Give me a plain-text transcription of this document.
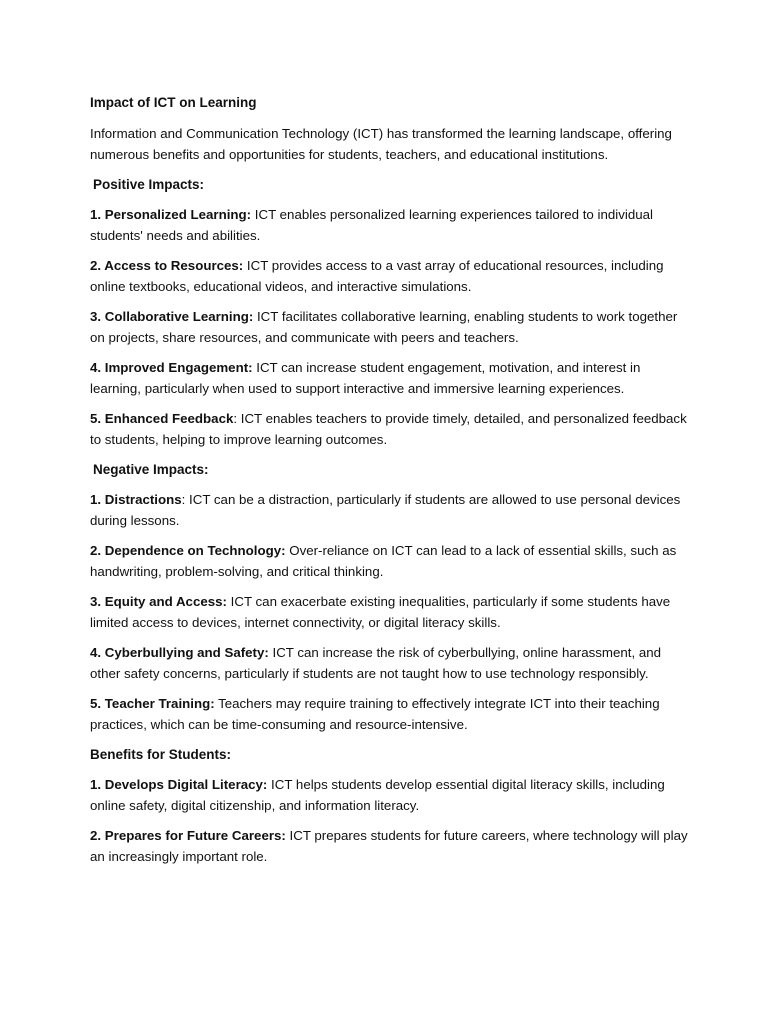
Impact of ICT on Learning

Information and Communication Technology (ICT) has transformed the learning landscape, offering numerous benefits and opportunities for students, teachers, and educational institutions.

Positive Impacts:

1. Personalized Learning: ICT enables personalized learning experiences tailored to individual students' needs and abilities.

2. Access to Resources: ICT provides access to a vast array of educational resources, including online textbooks, educational videos, and interactive simulations.

3. Collaborative Learning: ICT facilitates collaborative learning, enabling students to work together on projects, share resources, and communicate with peers and teachers.

4. Improved Engagement: ICT can increase student engagement, motivation, and interest in learning, particularly when used to support interactive and immersive learning experiences.

5. Enhanced Feedback: ICT enables teachers to provide timely, detailed, and personalized feedback to students, helping to improve learning outcomes.

Negative Impacts:

1. Distractions: ICT can be a distraction, particularly if students are allowed to use personal devices during lessons.

2. Dependence on Technology: Over-reliance on ICT can lead to a lack of essential skills, such as handwriting, problem-solving, and critical thinking.

3. Equity and Access: ICT can exacerbate existing inequalities, particularly if some students have limited access to devices, internet connectivity, or digital literacy skills.

4. Cyberbullying and Safety: ICT can increase the risk of cyberbullying, online harassment, and other safety concerns, particularly if students are not taught how to use technology responsibly.

5. Teacher Training: Teachers may require training to effectively integrate ICT into their teaching practices, which can be time-consuming and resource-intensive.

Benefits for Students:

1. Develops Digital Literacy: ICT helps students develop essential digital literacy skills, including online safety, digital citizenship, and information literacy.

2. Prepares for Future Careers: ICT prepares students for future careers, where technology will play an increasingly important role.
